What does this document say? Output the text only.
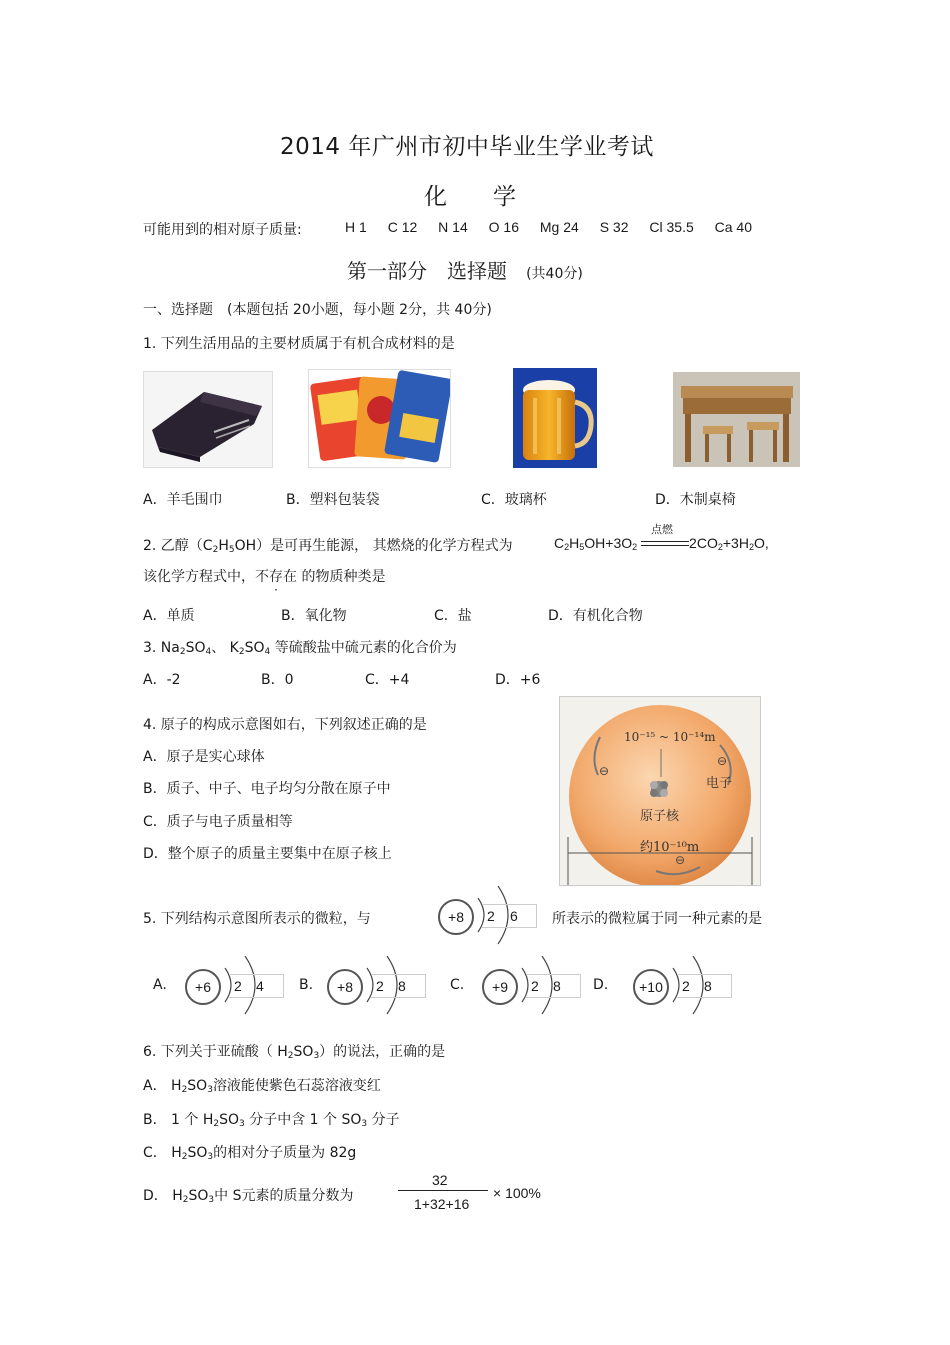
2014 年广州市初中毕业生学业考试
化　　学
可能用到的相对原子质量:	H 1 C 12 N 14 O 16 Mg 24 S 32 Cl 35.5 Ca 40
第一部分　选择题 (共40分)
一、选择题　(本题包括 20小题，每小题 2分，共 40分)
1. 下列生活用品的主要材质属于有机合成材料的是
A．羊毛围巾	B．塑料包装袋	C．玻璃杯	D．木制桌椅
2. 乙醇$(C_2H_5OH)$是可再生能源， 其燃烧的化学方程式为	$C_2H_5OH+3O_2$
点燃
$2CO_2+3H_2O$,
该化学方程式中，不存在 的物质种类是
A．单质	B．氧化物	C．盐	D．有机化合物
3. $Na_2SO_4$、 $K_2SO_4$ 等硫酸盐中硫元素的化合价为
A．-2	B．0	C．+4	D．+6
4. 原子的构成示意图如右，下列叙述正确的是
A．原子是实心球体
B．质子、中子、电子均匀分散在原子中
C．质子与电子质量相等
D．整个原子的质量主要集中在原子核上
10⁻¹⁵ ~ 10⁻¹⁴m
电子
原子核
约10⁻¹⁰m
⊖
⊖
⊖
5. 下列结构示意图所表示的微粒，与	+8 2 6 所表示的微粒属于同一种元素的是
A. +6 2 4	B. +8 2 8	C. +9 2 8 D. +10 2 8
6. 下列关于亚硫酸（ $H_2SO_3$）的说法，正确的是
A． $H_2SO_3$溶液能使紫色石蕊溶液变红
B． 1 个 $H_2SO_3$ 分子中含 1 个 $SO_3$ 分子
C． $H_2SO_3$的相对分子质量为 82g
D． $H_2SO_3$中 S元素的质量分数为
32
1+32+16
× 100%
